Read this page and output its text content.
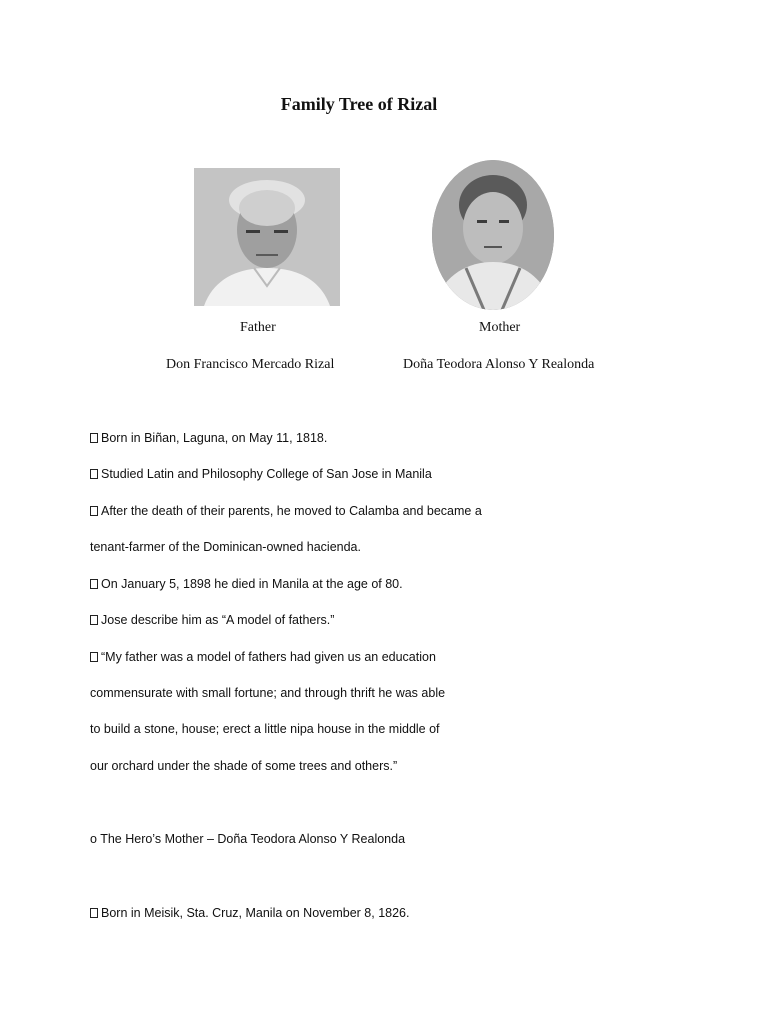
Family Tree of Rizal
Father	Mother
Don Francisco Mercado Rizal	Doña Teodora Alonso Y Realonda
Born in Biñan, Laguna, on May 11, 1818.
Studied Latin and Philosophy College of San Jose in Manila
After the death of their parents, he moved to Calamba and became a
tenant-farmer of the Dominican-owned hacienda.
On January 5, 1898 he died in Manila at the age of 80.
Jose describe him as “A model of fathers.”
“My father was a model of fathers had given us an education
commensurate with small fortune; and through thrift he was able
to build a stone, house; erect a little nipa house in the middle of
our orchard under the shade of some trees and others.”
o The Hero’s Mother – Doña Teodora Alonso Y Realonda
Born in Meisik, Sta. Cruz, Manila on November 8, 1826.
